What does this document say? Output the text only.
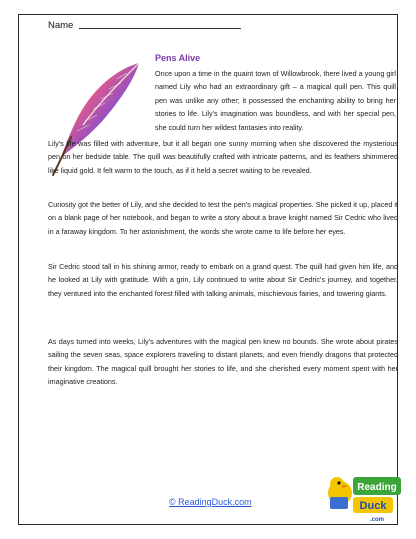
Name
Pens Alive

Once upon a time in the quaint town of Willowbrook, there lived a young girl named Lily who had an extraordinary gift – a magical quill pen. This quill pen was unlike any other; it possessed the enchanting ability to bring her stories to life. Lily's imagination was boundless, and with her special pen, she could turn her wildest fantasies into reality.

Lily's life was filled with adventure, but it all began one sunny morning when she discovered the mysterious pen on her bedside table. The quill was beautifully crafted with intricate patterns, and its feathers shimmered like liquid gold. It felt warm to the touch, as if it held a secret waiting to be revealed.

Curiosity got the better of Lily, and she decided to test the pen's magical properties. She picked it up, placed it on a blank page of her notebook, and began to write a story about a brave knight named Sir Cedric who lived in a faraway kingdom. To her astonishment, the words she wrote came to life before her eyes.

Sir Cedric stood tall in his shining armor, ready to embark on a grand quest. The quill had given him life, and he looked at Lily with gratitude. With a grin, Lily continued to write about Sir Cedric's journey, and together, they ventured into the enchanted forest filled with talking animals, mischievous fairies, and towering giants.

As days turned into weeks, Lily's adventures with the magical pen knew no bounds. She wrote about pirates sailing the seven seas, space explorers traveling to distant planets, and even friendly dragons that protected their kingdom. The magical quill brought her stories to life, and she cherished every moment spent with her imaginative creations.

© ReadingDuck.com
Reading
Duck
.com
